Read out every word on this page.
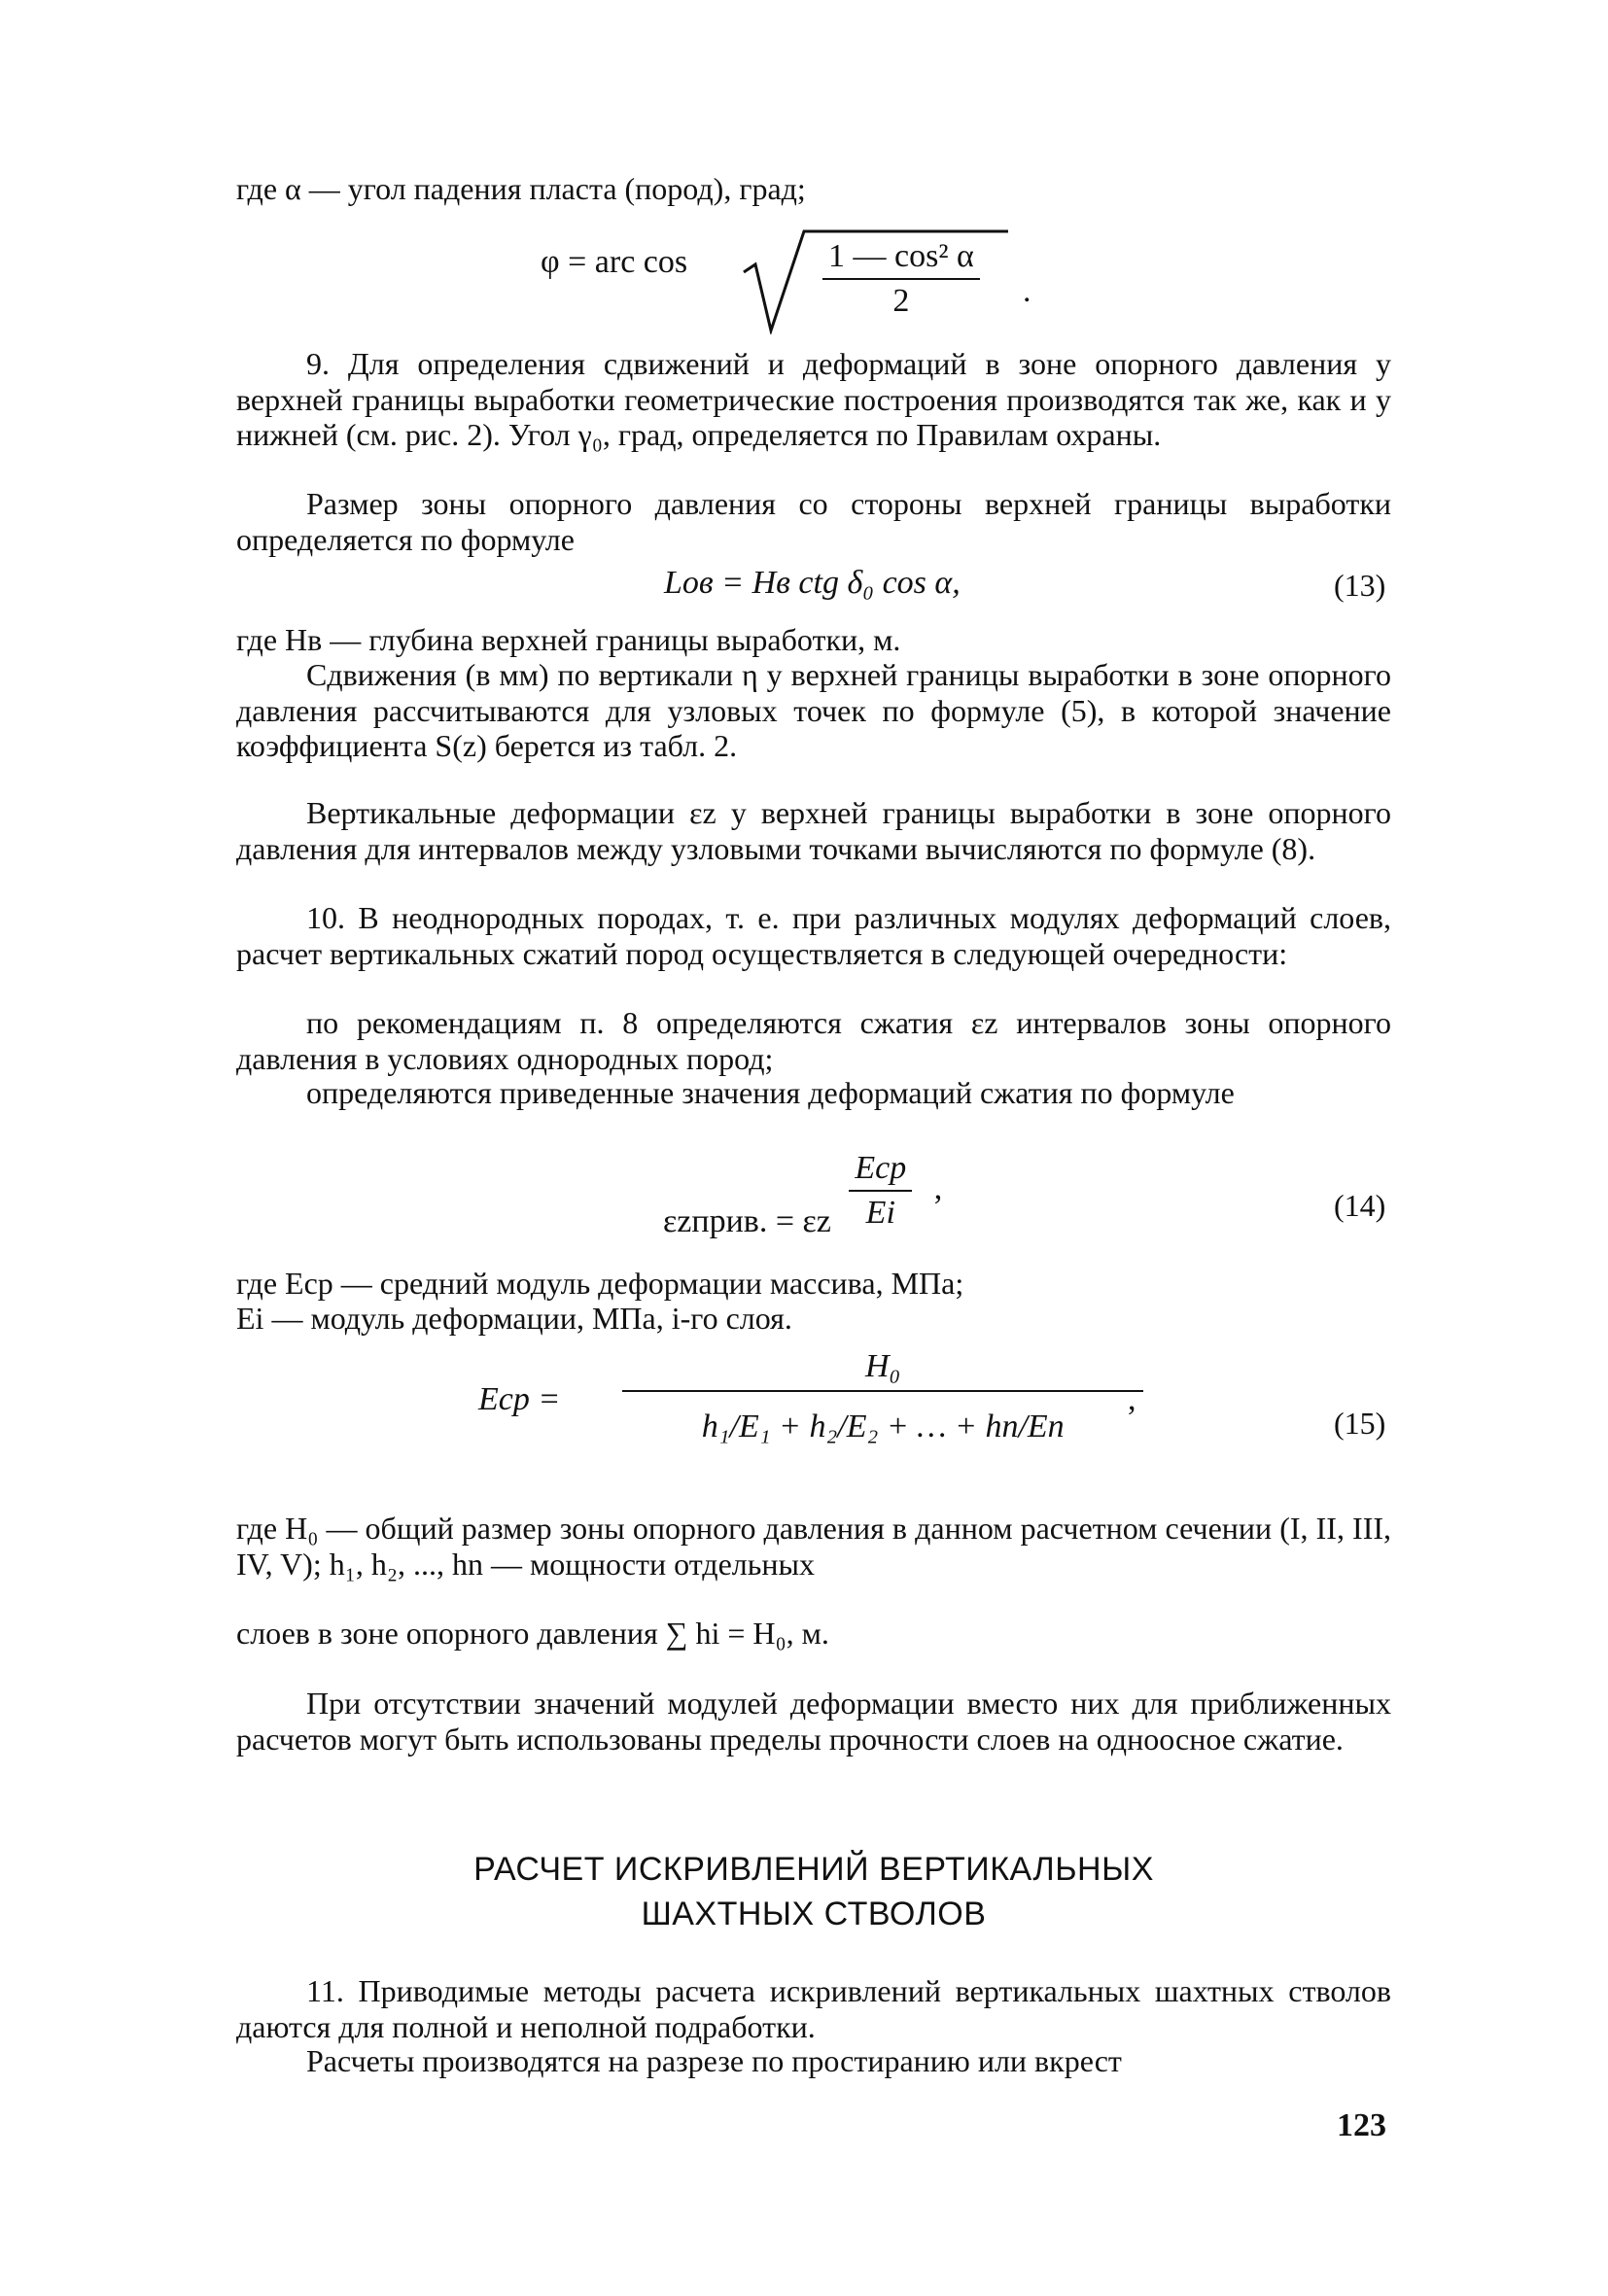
где α — угол падения пласта (пород), град;
φ = arc cos	$\frac{\text{1 — cos² α}}{2}$ .
9. Для определения сдвижений и деформаций в зоне опорного давления у верхней границы выработки геометрические построения производятся так же, как и у нижней (см. рис. 2). Угол γ₀, град, определяется по Правилам охраны.
Размер зоны опорного давления со стороны верхней границы выработки определяется по формуле
Lов = Hв ctg δ₀ cos α,	(13)
где Hв — глубина верхней границы выработки, м.
Сдвижения (в мм) по вертикали η у верхней границы выработки в зоне опорного давления рассчитываются для узловых точек по формуле (5), в которой значение коэффициента S(z) берется из табл. 2.
Вертикальные деформации εz у верхней границы выработки в зоне опорного давления для интервалов между узловыми точками вычисляются по формуле (8).
10. В неоднородных породах, т. е. при различных модулях деформаций слоев, расчет вертикальных сжатий пород осуществляется в следующей очередности:
по рекомендациям п. 8 определяются сжатия εz интервалов зоны опорного давления в условиях однородных пород;
определяются приведенные значения деформаций сжатия по формуле
εzприв. = εz $\frac{\text{Eср}}{Ei}$ ,	(14)
где Eср — средний модуль деформации массива, МПа;
Ei — модуль деформации, МПа, i-го слоя.
Eср = $\frac{\text{H₀}}{\text{h₁/E₁ + h₂/E₂ + … + hn/En}}$
,
(15)
где H₀ — общий размер зоны опорного давления в данном расчетном сечении (I, II, III, IV, V); h₁, h₂, ..., hn — мощности отдельных
слоев в зоне опорного давления ∑ hi = H₀, м.
При отсутствии значений модулей деформации вместо них для приближенных расчетов могут быть использованы пределы прочности слоев на одноосное сжатие.
РАСЧЕТ ИСКРИВЛЕНИЙ ВЕРТИКАЛЬНЫХ
ШАХТНЫХ СТВОЛОВ
11. Приводимые методы расчета искривлений вертикальных шахтных стволов даются для полной и неполной подработки.
Расчеты производятся на разрезе по простиранию или вкрест
123
